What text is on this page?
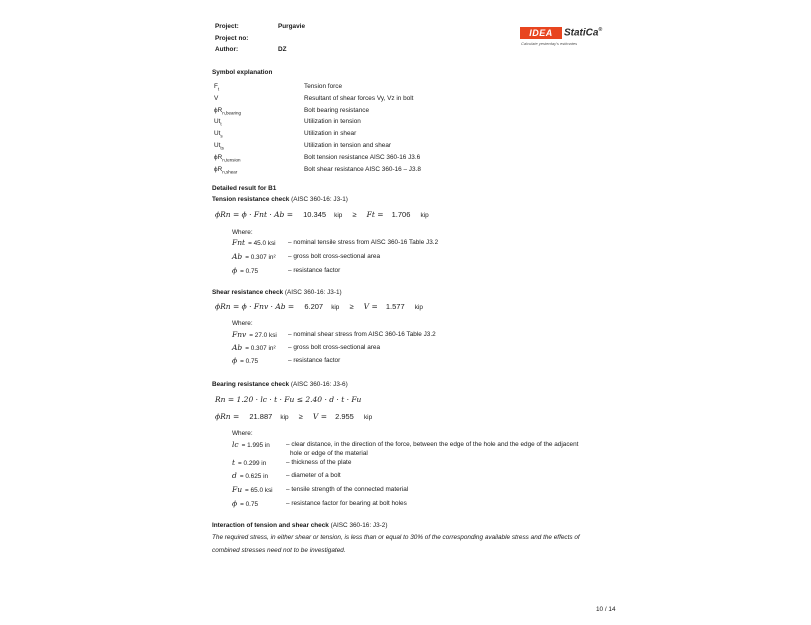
Project:	Purgavie
Project no:
Author:	DZ
IDEA	StatiCa®
Calculate yesterday's estimates
Symbol explanation
$F_t$	Tension force
V	Resultant of shear forces Vy, Vz in bolt
$\phi R_{n,bearing}$	Bolt bearing resistance
$Ut_t$	Utilization in tension
$Ut_s$	Utilization in shear
$Ut_{ts}$	Utilization in tension and shear
$\phi R_{n,tension}$	Bolt tension resistance AISC 360-16 J3.6
$\phi R_{n,shear}$	Bolt shear resistance AISC 360-16 – J3.8
Detailed result for B1
Tension resistance check (AISC 360-16: J3-1)
ϕRn = ϕ · Fnt · Ab = 10.345 kip ≥ Ft = 1.706 kip
Where:
Fnt = 45.0 ksi – nominal tensile stress from AISC 360-16 Table J3.2
Ab = 0.307 in² – gross bolt cross-sectional area
ϕ = 0.75	– resistance factor
Shear resistance check (AISC 360-16: J3-1)
ϕRn = ϕ · Fnv · Ab = 6.207 kip ≥ V = 1.577 kip
Where:
Fnv = 27.0 ksi – nominal shear stress from AISC 360-16 Table J3.2
Ab = 0.307 in² – gross bolt cross-sectional area
ϕ = 0.75	– resistance factor
Bearing resistance check (AISC 360-16: J3-6)
Rn = 1.20 · lc · t · Fu ≤ 2.40 · d · t · Fu
ϕRn = 21.887 kip ≥ V = 2.955 kip
Where:
lc = 1.995 in	– clear distance, in the direction of the force, between the edge of the hole and the edge of the adjacent
hole or edge of the material
t = 0.299 in	– thickness of the plate
d = 0.625 in	– diameter of a bolt
Fu = 65.0 ksi – tensile strength of the connected material
ϕ = 0.75	– resistance factor for bearing at bolt holes
Interaction of tension and shear check (AISC 360-16: J3-2)
The required stress, in either shear or tension, is less than or equal to 30% of the corresponding available stress and the effects of
combined stresses need not to be investigated.
10 / 14
